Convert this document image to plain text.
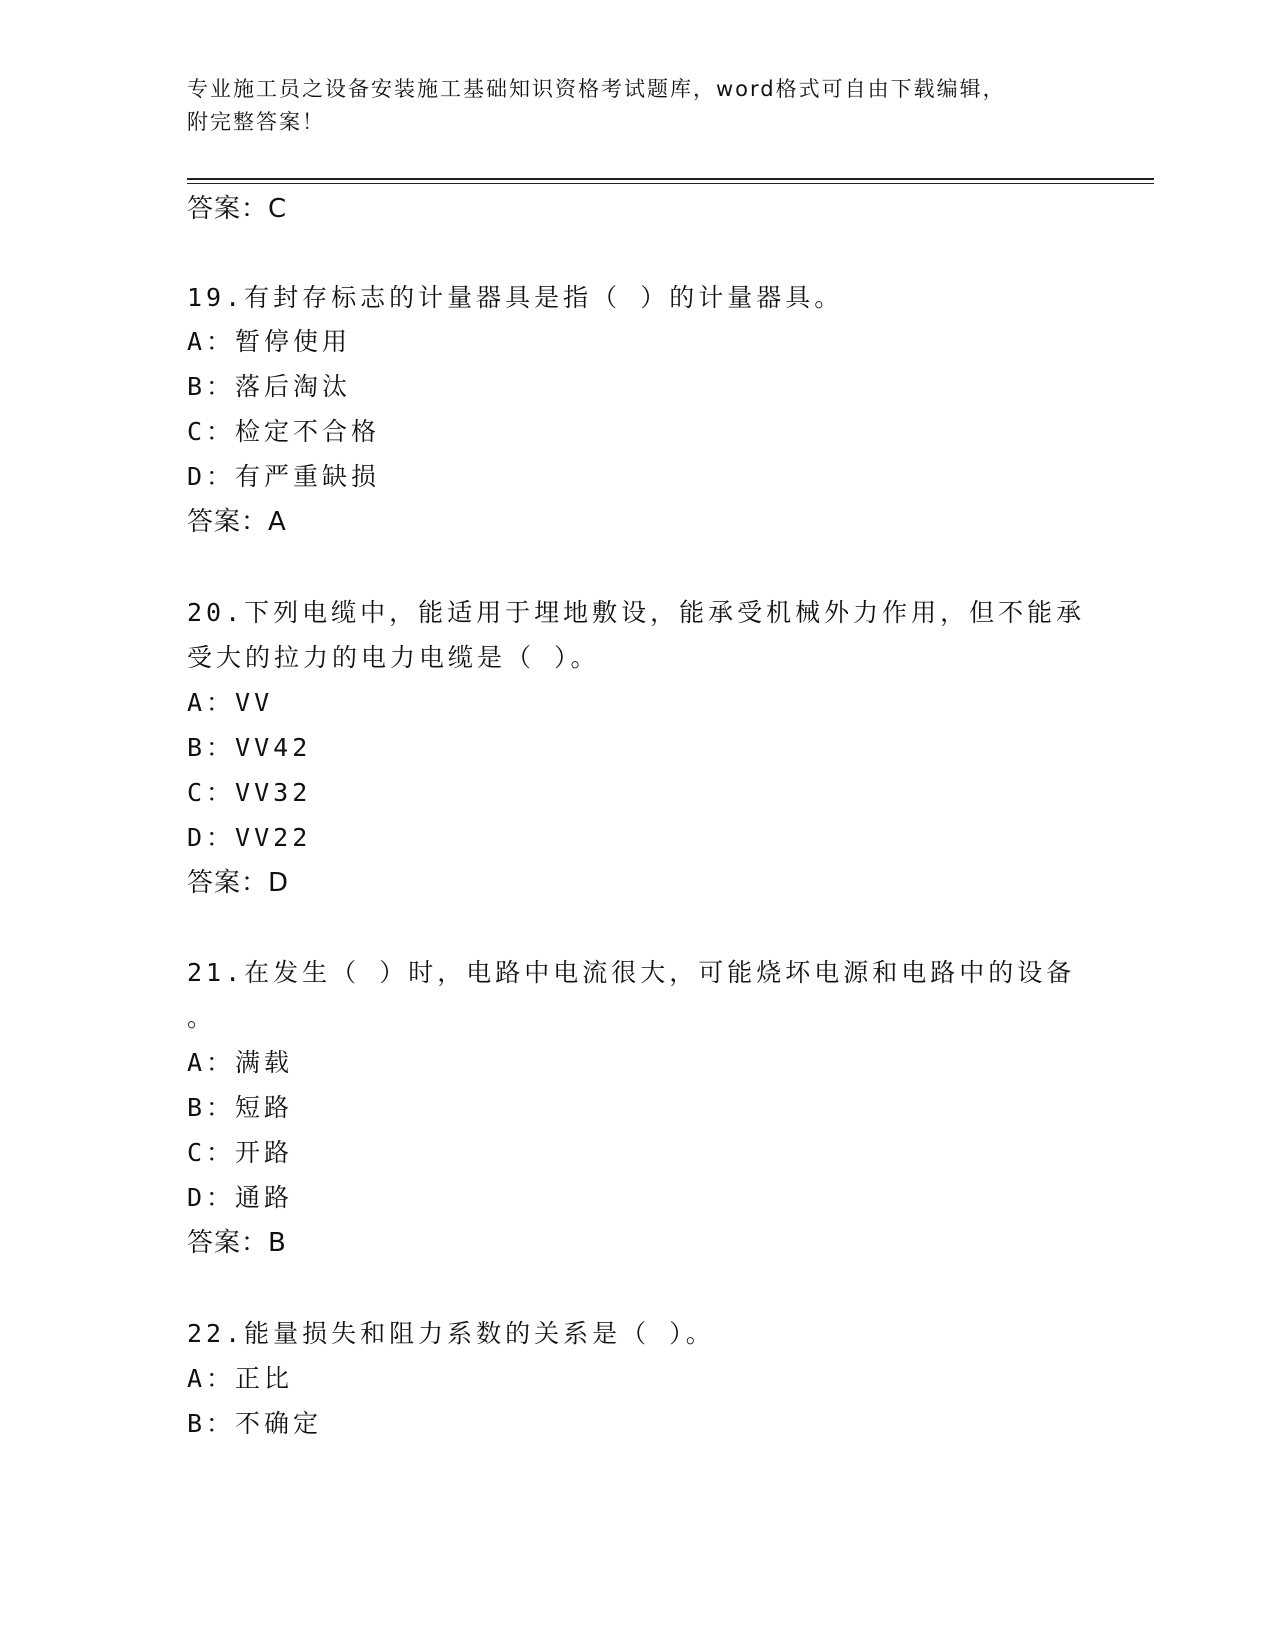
专业施工员之设备安装施工基础知识资格考试题库，word格式可自由下载编辑，
附完整答案！
答案：C
19.有封存标志的计量器具是指（ ）的计量器具。
A：暂停使用
B：落后淘汰
C：检定不合格
D：有严重缺损
答案：A
20.下列电缆中，能适用于埋地敷设，能承受机械外力作用，但不能承
受大的拉力的电力电缆是（ ）。
A：VV
B：VV42
C：VV32
D：VV22
答案：D
21.在发生（ ）时，电路中电流很大，可能烧坏电源和电路中的设备
。
A：满载
B：短路
C：开路
D：通路
答案：B
22.能量损失和阻力系数的关系是（ ）。
A：正比
B：不确定
